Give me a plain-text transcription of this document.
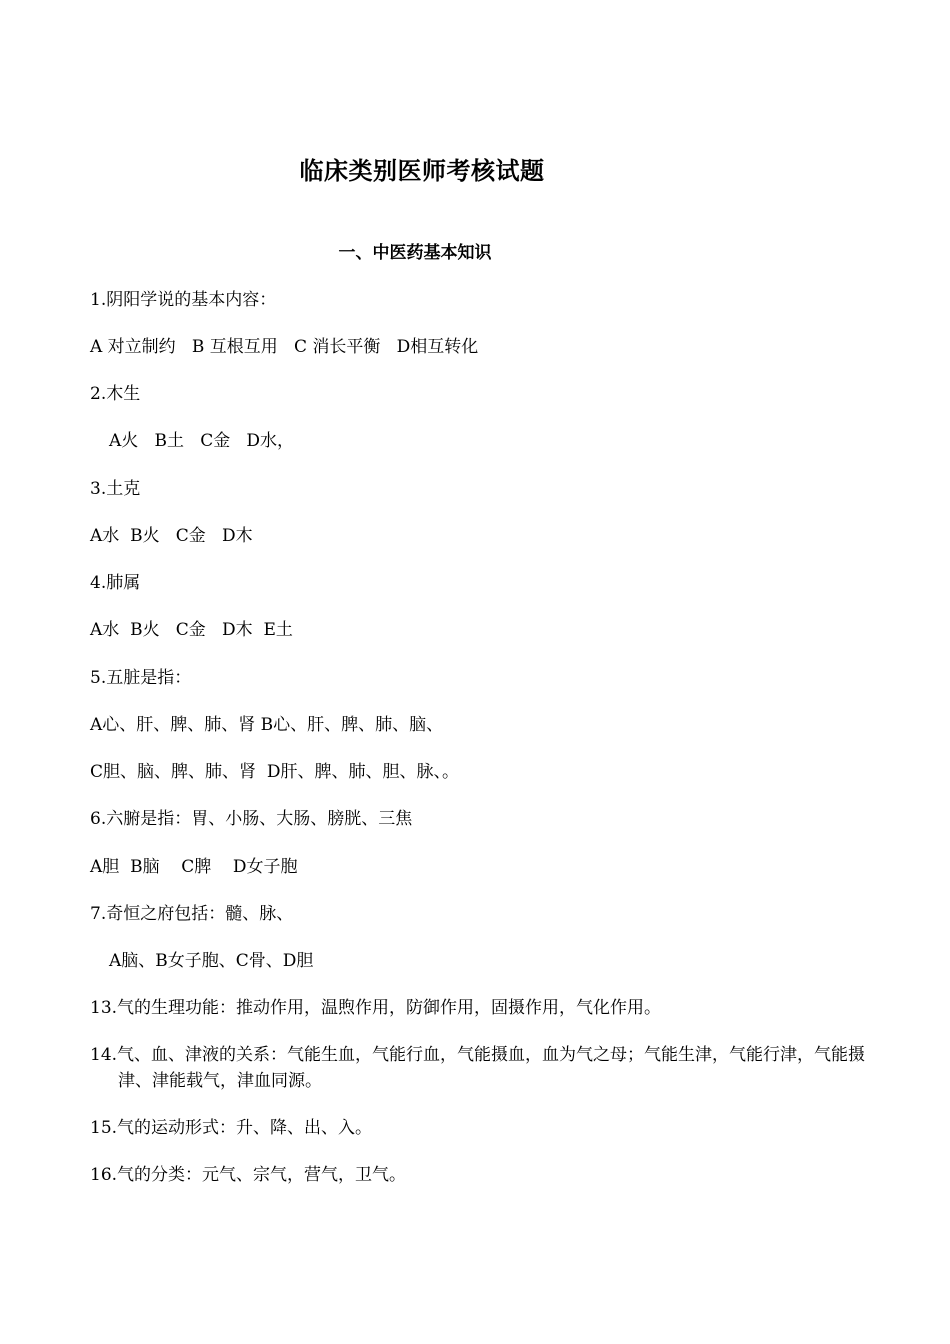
临床类别医师考核试题
一、中医药基本知识
1.阴阳学说的基本内容：
A 对立制约   B 互根互用   C 消长平衡   D相互转化
2.木生
A火   B土   C金   D水，
3.土克
A水  B火   C金   D木
4.肺属
A水  B火   C金   D木  E土
5.五脏是指：
A心、肝、脾、肺、肾 B心、肝、脾、肺、脑、
C胆、脑、脾、肺、肾  D肝、脾、肺、胆、脉、。
6.六腑是指：胃、小肠、大肠、膀胱、三焦
A胆  B脑    C脾    D女子胞
7.奇恒之府包括：髓、脉、
A脑、B女子胞、C骨、D胆
13.气的生理功能：推动作用，温煦作用，防御作用，固摄作用，气化作用。
14.气、血、津液的关系：气能生血，气能行血，气能摄血，血为气之母；气能生津，气能行津，气能摄津、津能载气，津血同源。
15.气的运动形式：升、降、出、入。
16.气的分类：元气、宗气，营气，卫气。
